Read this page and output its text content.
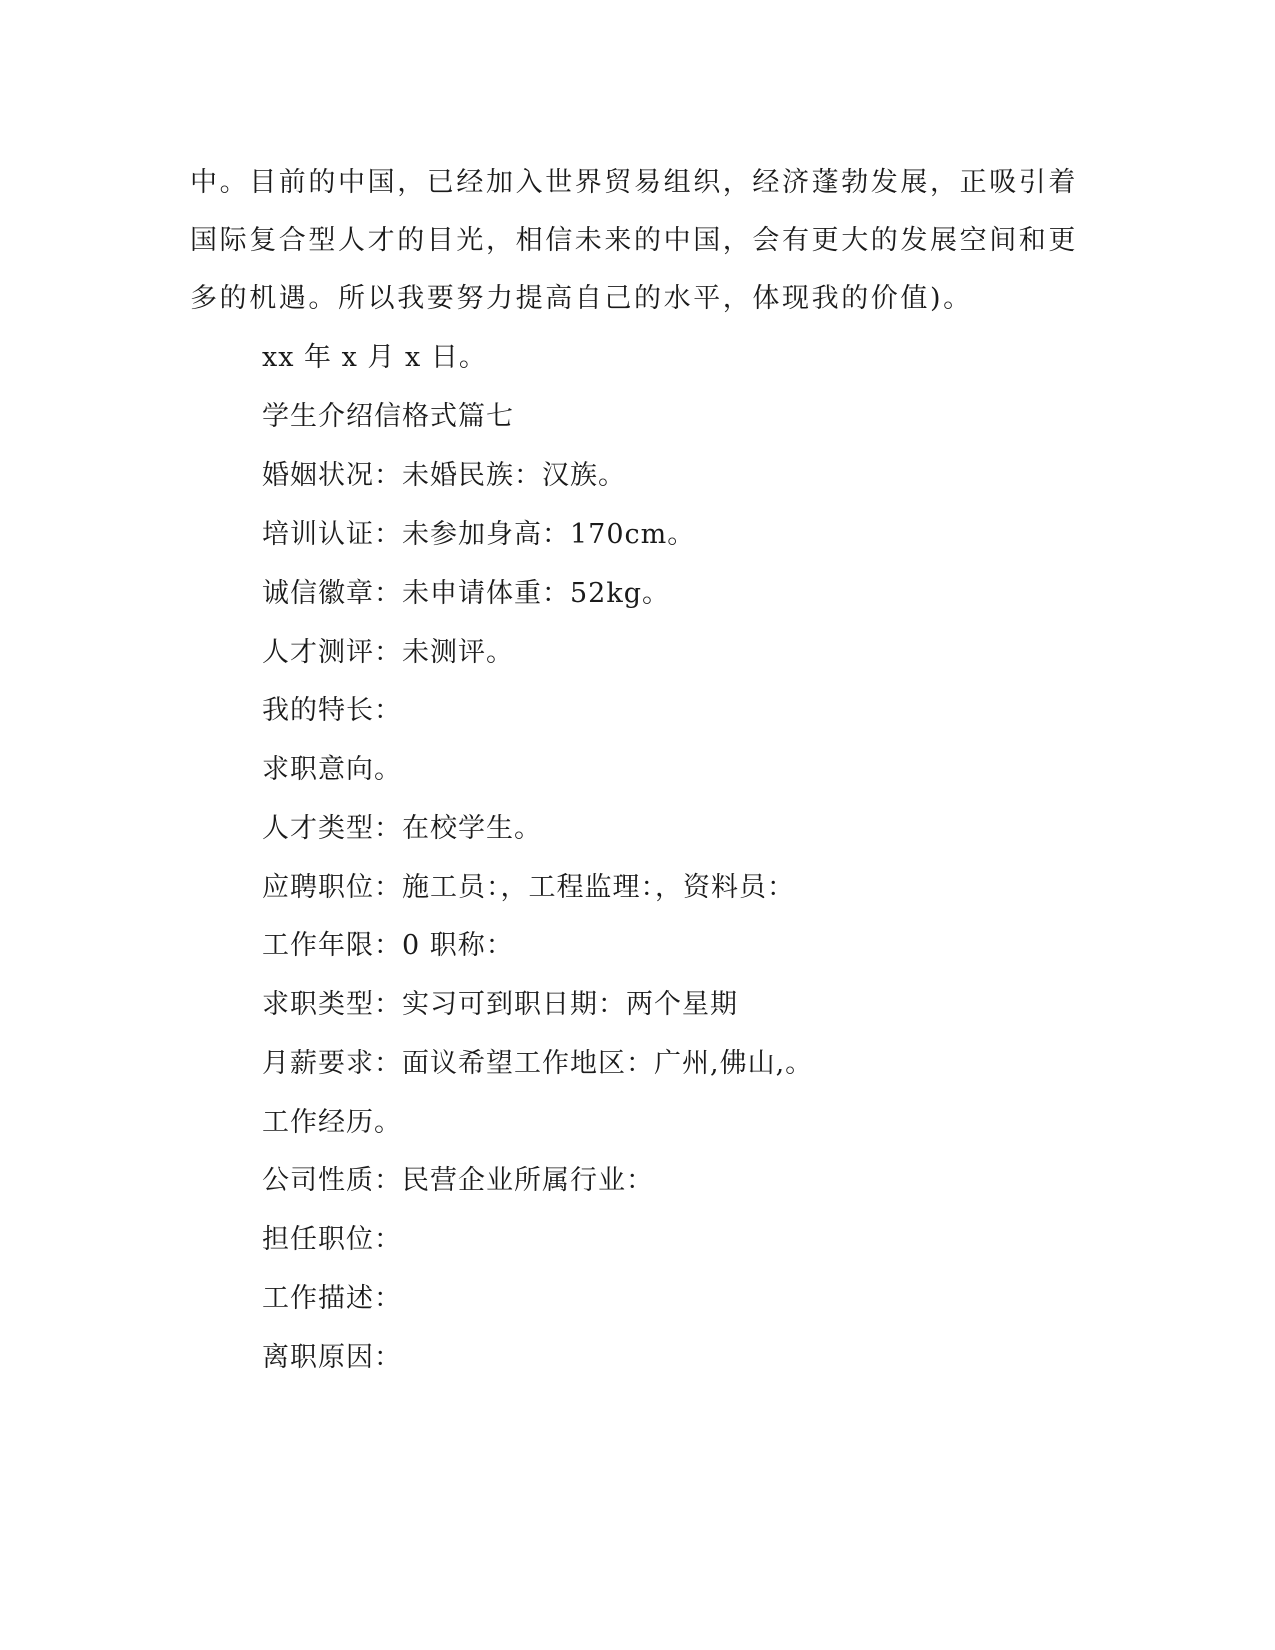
中。目前的中国，已经加入世界贸易组织，经济蓬勃发展，正吸引着
国际复合型人才的目光，相信未来的中国，会有更大的发展空间和更
多的机遇。所以我要努力提高自己的水平，体现我的价值)。
xx 年 x 月 x 日。
学生介绍信格式篇七
婚姻状况：未婚民族：汉族。
培训认证：未参加身高：170cm。
诚信徽章：未申请体重：52kg。
人才测评：未测评。
我的特长：
求职意向。
人才类型：在校学生。
应聘职位：施工员：，工程监理：，资料员：
工作年限：0 职称：
求职类型：实习可到职日期：两个星期
月薪要求：面议希望工作地区：广州,佛山,。
工作经历。
公司性质：民营企业所属行业：
担任职位：
工作描述：
离职原因：
